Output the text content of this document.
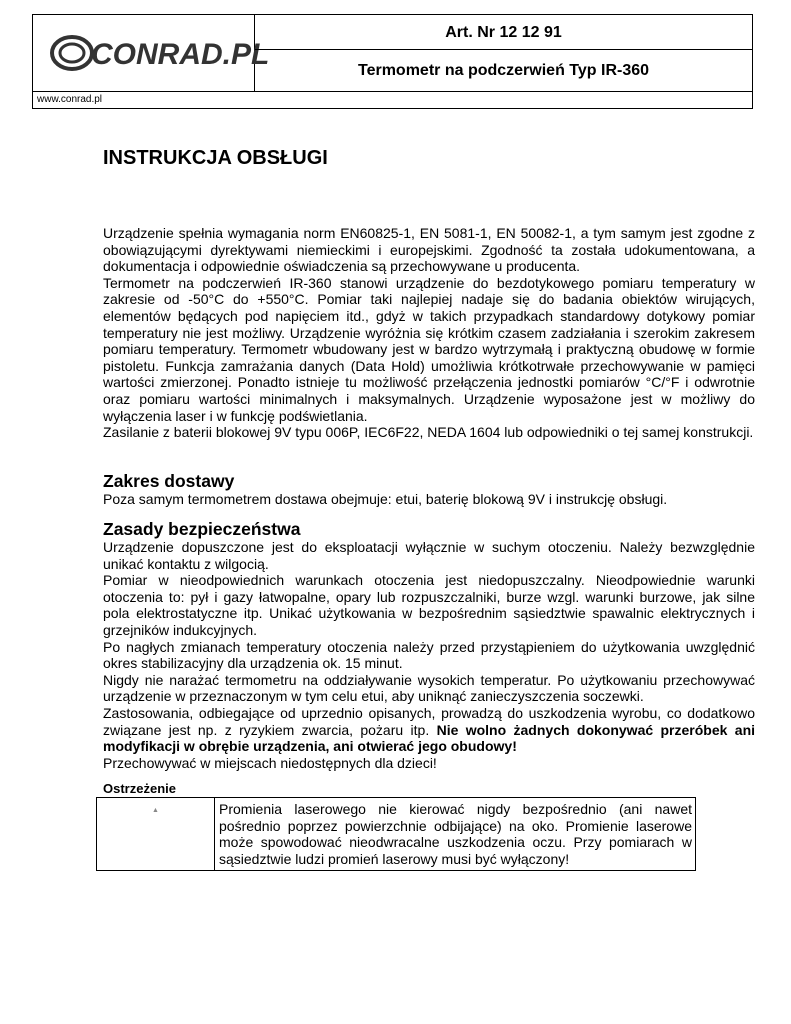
CONRAD.PL
Art. Nr 12 12 91
Termometr na podczerwień Typ IR-360
www.conrad.pl
INSTRUKCJA OBSŁUGI

Urządzenie spełnia wymagania norm EN60825-1, EN 5081-1, EN 50082-1, a tym samym jest zgodne z obowiązującymi dyrektywami niemieckimi i europejskimi. Zgodność ta została udokumentowana, a dokumentacja i odpowiednie oświadczenia są przechowywane u producenta.

Termometr na podczerwień IR-360 stanowi urządzenie do bezdotykowego pomiaru temperatury w zakresie od -50°C do +550°C. Pomiar taki najlepiej nadaje się do badania obiektów wirujących, elementów będących pod napięciem itd., gdyż w takich przypadkach standardowy dotykowy pomiar temperatury nie jest możliwy. Urządzenie wyróżnia się krótkim czasem zadziałania i szerokim zakresem pomiaru temperatury. Termometr wbudowany jest w bardzo wytrzymałą i praktyczną obudowę w formie pistoletu. Funkcja zamrażania danych (Data Hold) umożliwia krótkotrwałe przechowywanie w pamięci wartości zmierzonej. Ponadto istnieje tu możliwość przełączenia jednostki pomiarów °C/°F i odwrotnie oraz pomiaru wartości minimalnych i maksymalnych. Urządzenie wyposażone jest w możliwy do wyłączenia laser i w funkcję podświetlania.

Zasilanie z baterii blokowej 9V typu 006P, IEC6F22, NEDA 1604 lub odpowiedniki o tej samej konstrukcji.

Zakres dostawy

Poza samym termometrem dostawa obejmuje: etui, baterię blokową 9V i instrukcję obsługi.

Zasady bezpieczeństwa

Urządzenie dopuszczone jest do eksploatacji wyłącznie w suchym otoczeniu. Należy bezwzględnie unikać kontaktu z wilgocią.

Pomiar w nieodpowiednich warunkach otoczenia jest niedopuszczalny. Nieodpowiednie warunki otoczenia to: pył i gazy łatwopalne, opary lub rozpuszczalniki, burze wzgl. warunki burzowe, jak silne pola elektrostatyczne itp. Unikać użytkowania w bezpośrednim sąsiedztwie spawalnic elektrycznych i grzejników indukcyjnych.

Po nagłych zmianach temperatury otoczenia należy przed przystąpieniem do użytkowania uwzględnić okres stabilizacyjny dla urządzenia ok. 15 minut.

Nigdy nie narażać termometru na oddziaływanie wysokich temperatur. Po użytkowaniu przechowywać urządzenie w przeznaczonym w tym celu etui, aby uniknąć zanieczyszczenia soczewki.

Zastosowania, odbiegające od uprzednio opisanych, prowadzą do uszkodzenia wyrobu, co dodatkowo związane jest np. z ryzykiem zwarcia, pożaru itp. Nie wolno żadnych dokonywać przeróbek ani modyfikacji w obrębie urządzenia, ani otwierać jego obudowy!

Przechowywać w miejscach niedostępnych dla dzieci!

Ostrzeżenie
▲	Promienia laserowego nie kierować nigdy bezpośrednio (ani nawet pośrednio poprzez powierzchnie odbijające) na oko. Promienie laserowe może spowodować nieodwracalne uszkodzenia oczu. Przy pomiarach w sąsiedztwie ludzi promień laserowy musi być wyłączony!
